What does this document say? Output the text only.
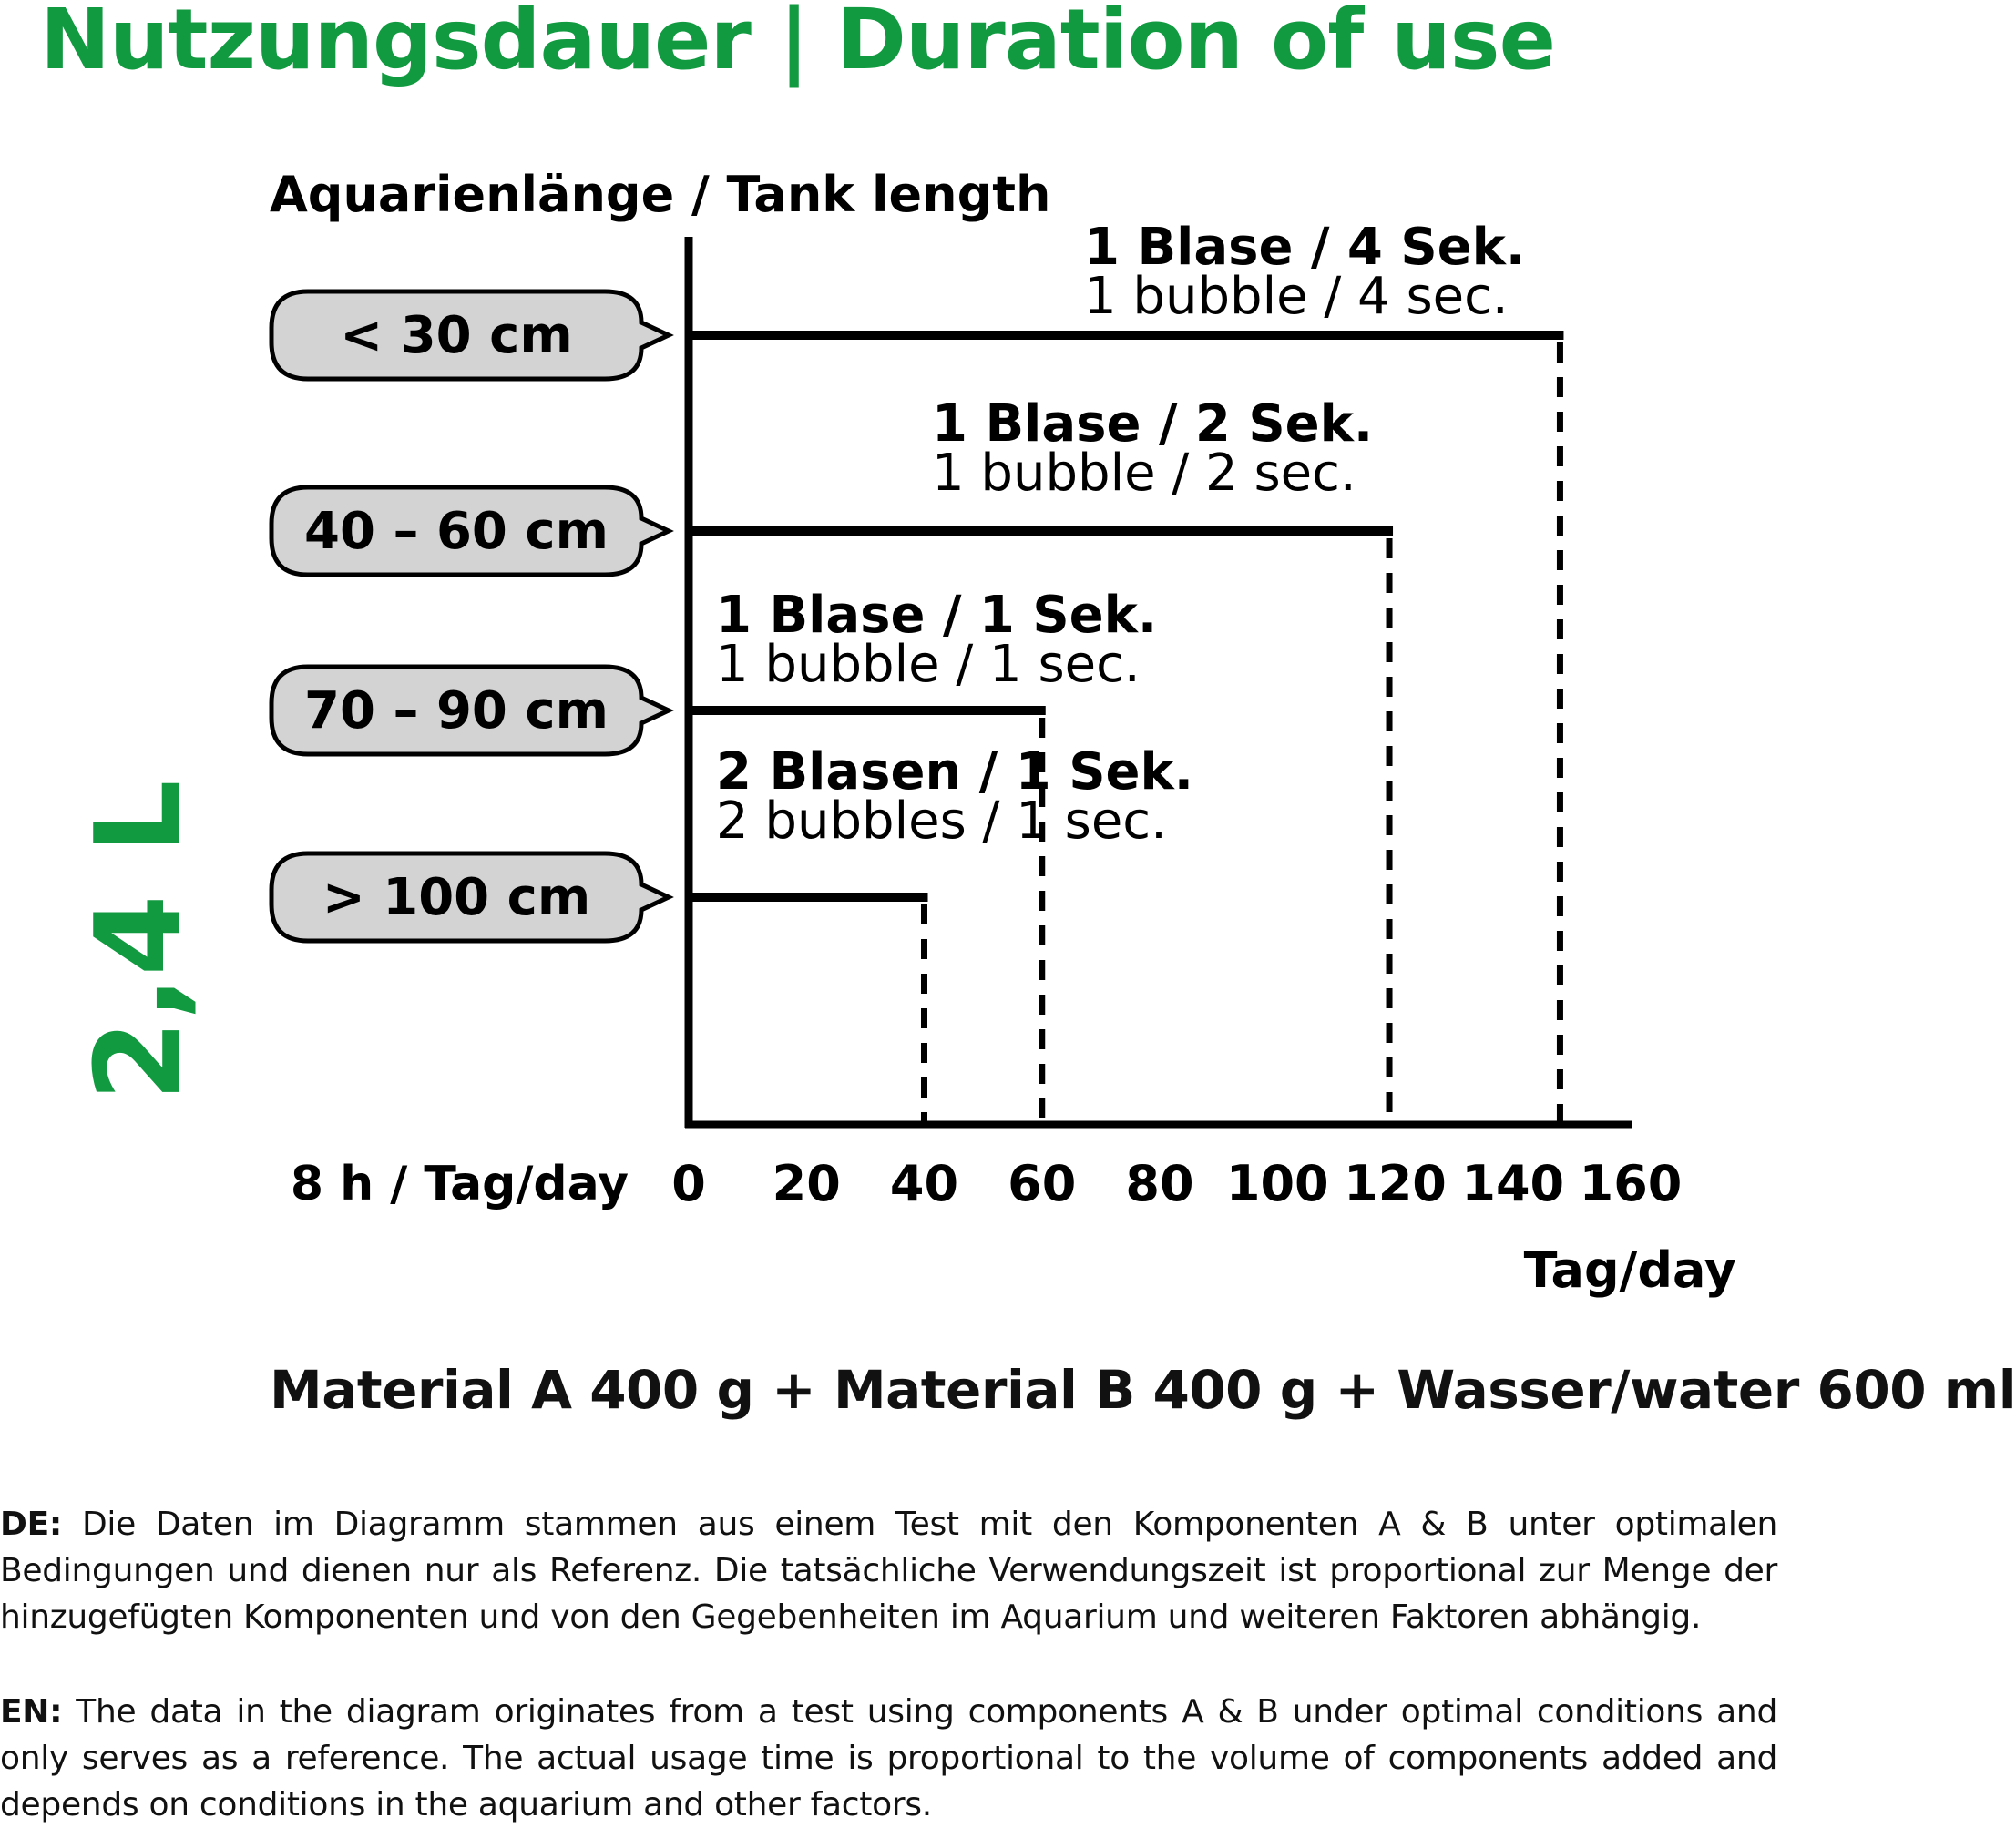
Nutzungsdauer | Duration of use
2,4 L
Aquarienlänge / Tank length
8 h / Tag/day
Tag/day
0 20 40 60 80 100 120 140 160
1 Blase / 4 Sek.
1 bubble / 4 sec.
< 30 cm
1 Blase / 2 Sek.
1 bubble / 2 sec.
40 – 60 cm
1 Blase / 1 Sek.
1 bubble / 1 sec.
70 – 90 cm
2 Blasen / 1 Sek.
2 bubbles / 1 sec.
> 100 cm
Material A 400 g + Material B 400 g + Wasser/water 600 ml
DE: Die Daten im Diagramm stammen aus einem Test mit den Komponenten A & B unter optimalen Bedingungen und dienen nur als Referenz. Die tatsächliche Verwendungszeit ist proportional zur Menge der hinzugefügten Komponenten und von den Gegebenheiten im Aquarium und weiteren Faktoren abhängig.
EN: The data in the diagram originates from a test using components A & B under optimal conditions and only serves as a reference. The actual usage time is proportional to the volume of components added and depends on conditions in the aquarium and other factors.
